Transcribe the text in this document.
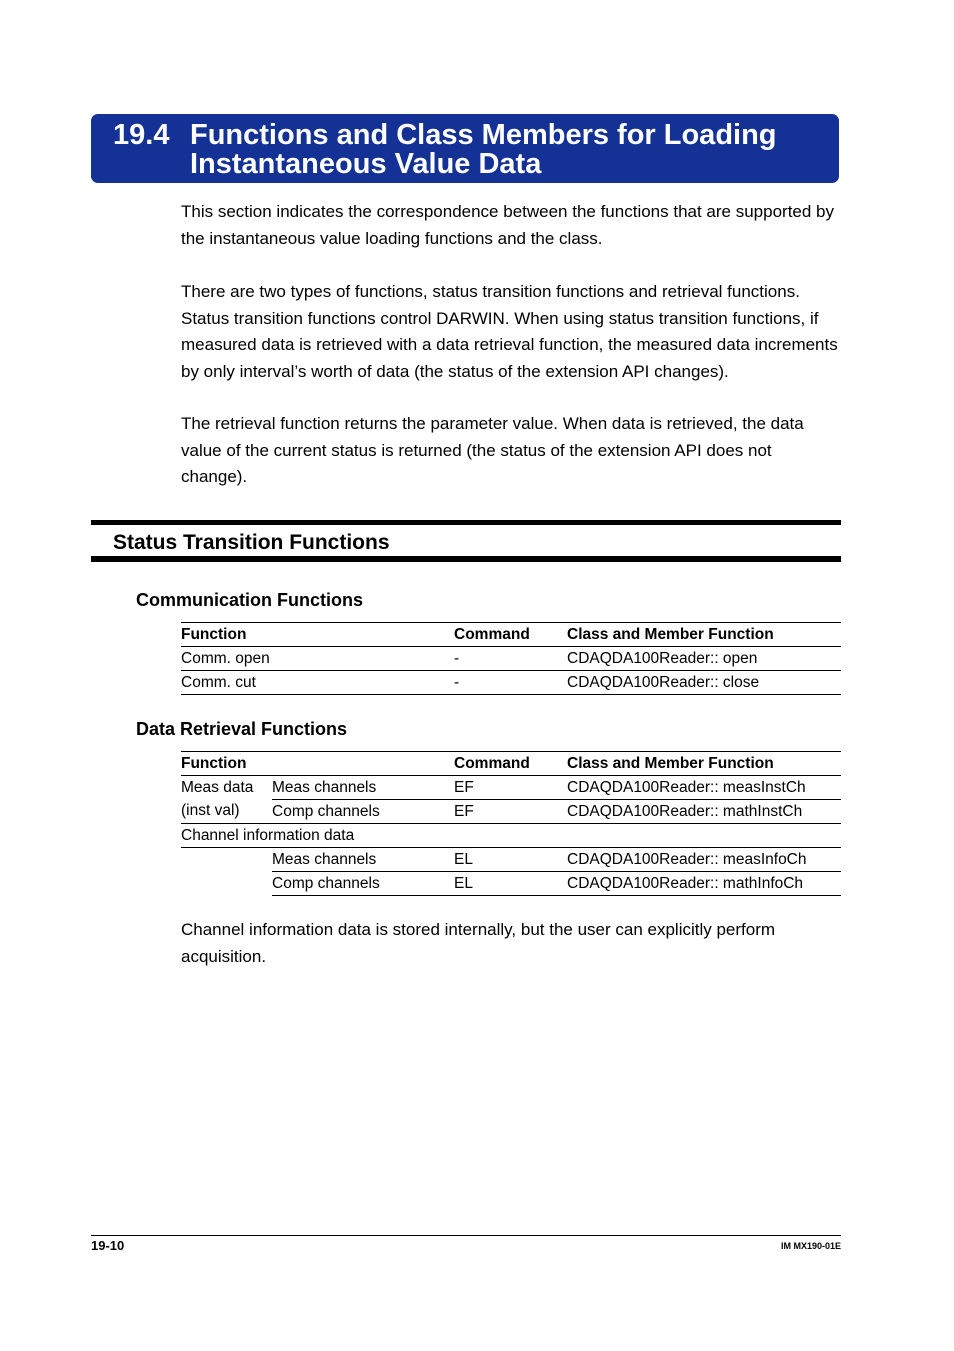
19.4 Functions and Class Members for Loading
Instantaneous Value Data

This section indicates the correspondence between the functions that are supported by the instantaneous value loading functions and the class.

There are two types of functions, status transition functions and retrieval functions. Status transition functions control DARWIN. When using status transition functions, if measured data is retrieved with a data retrieval function, the measured data increments by only interval’s worth of data (the status of the extension API changes).

The retrieval function returns the parameter value. When data is retrieved, the data value of the current status is returned (the status of the extension API does not change).

Status Transition Functions
Communication Functions
Function	Command	Class and Member Function
Comm. open	-	CDAQDA100Reader:: open
Comm. cut	-	CDAQDA100Reader:: close
Data Retrieval Functions
Function		Command	Class and Member Function
Meas data	Meas channels	EF	CDAQDA100Reader:: measInstCh
(inst val)	Comp channels	EF	CDAQDA100Reader:: mathInstCh
Channel information data			
	Meas channels	EL	CDAQDA100Reader:: measInfoCh
	Comp channels	EL	CDAQDA100Reader:: mathInfoCh

Channel information data is stored internally, but the user can explicitly perform acquisition.

19-10	IM MX190-01E
